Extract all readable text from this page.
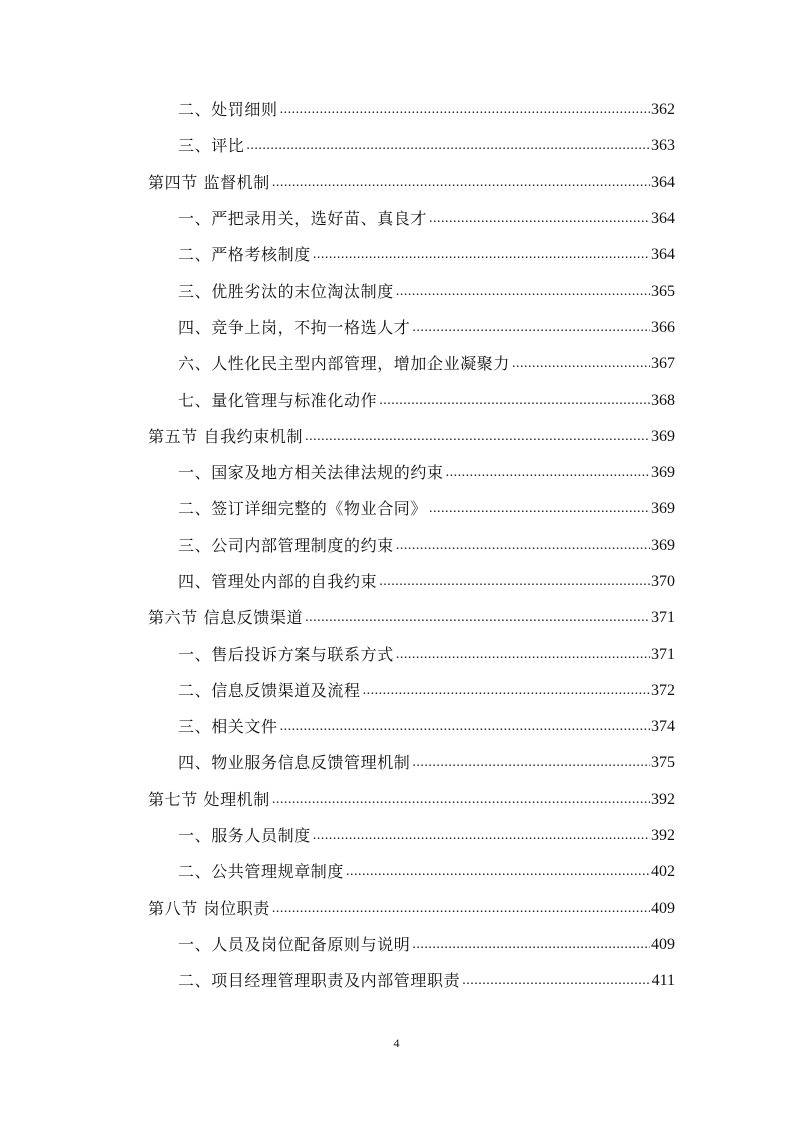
二、处罚细则 .....	362
三、评比 .....	363
第四节 监督机制 .....	364
一、严把录用关，选好苗、真良才 .....	364
二、严格考核制度 .....	364
三、优胜劣汰的末位淘汰制度 .....	365
四、竞争上岗，不拘一格选人才 .....	366
六、人性化民主型内部管理，增加企业凝聚力 .....	367
七、量化管理与标准化动作 .....	368
第五节 自我约束机制 .....	369
一、国家及地方相关法律法规的约束 .....	369
二、签订详细完整的《物业合同》 .....	369
三、公司内部管理制度的约束 .....	369
四、管理处内部的自我约束 .....	370
第六节 信息反馈渠道 .....	371
一、售后投诉方案与联系方式 .....	371
二、信息反馈渠道及流程 .....	372
三、相关文件 .....	374
四、物业服务信息反馈管理机制 .....	375
第七节 处理机制 .....	392
一、服务人员制度 .....	392
二、公共管理规章制度 .....	402
第八节 岗位职责 .....	409
一、人员及岗位配备原则与说明 .....	409
二、项目经理管理职责及内部管理职责 .....	411
4
